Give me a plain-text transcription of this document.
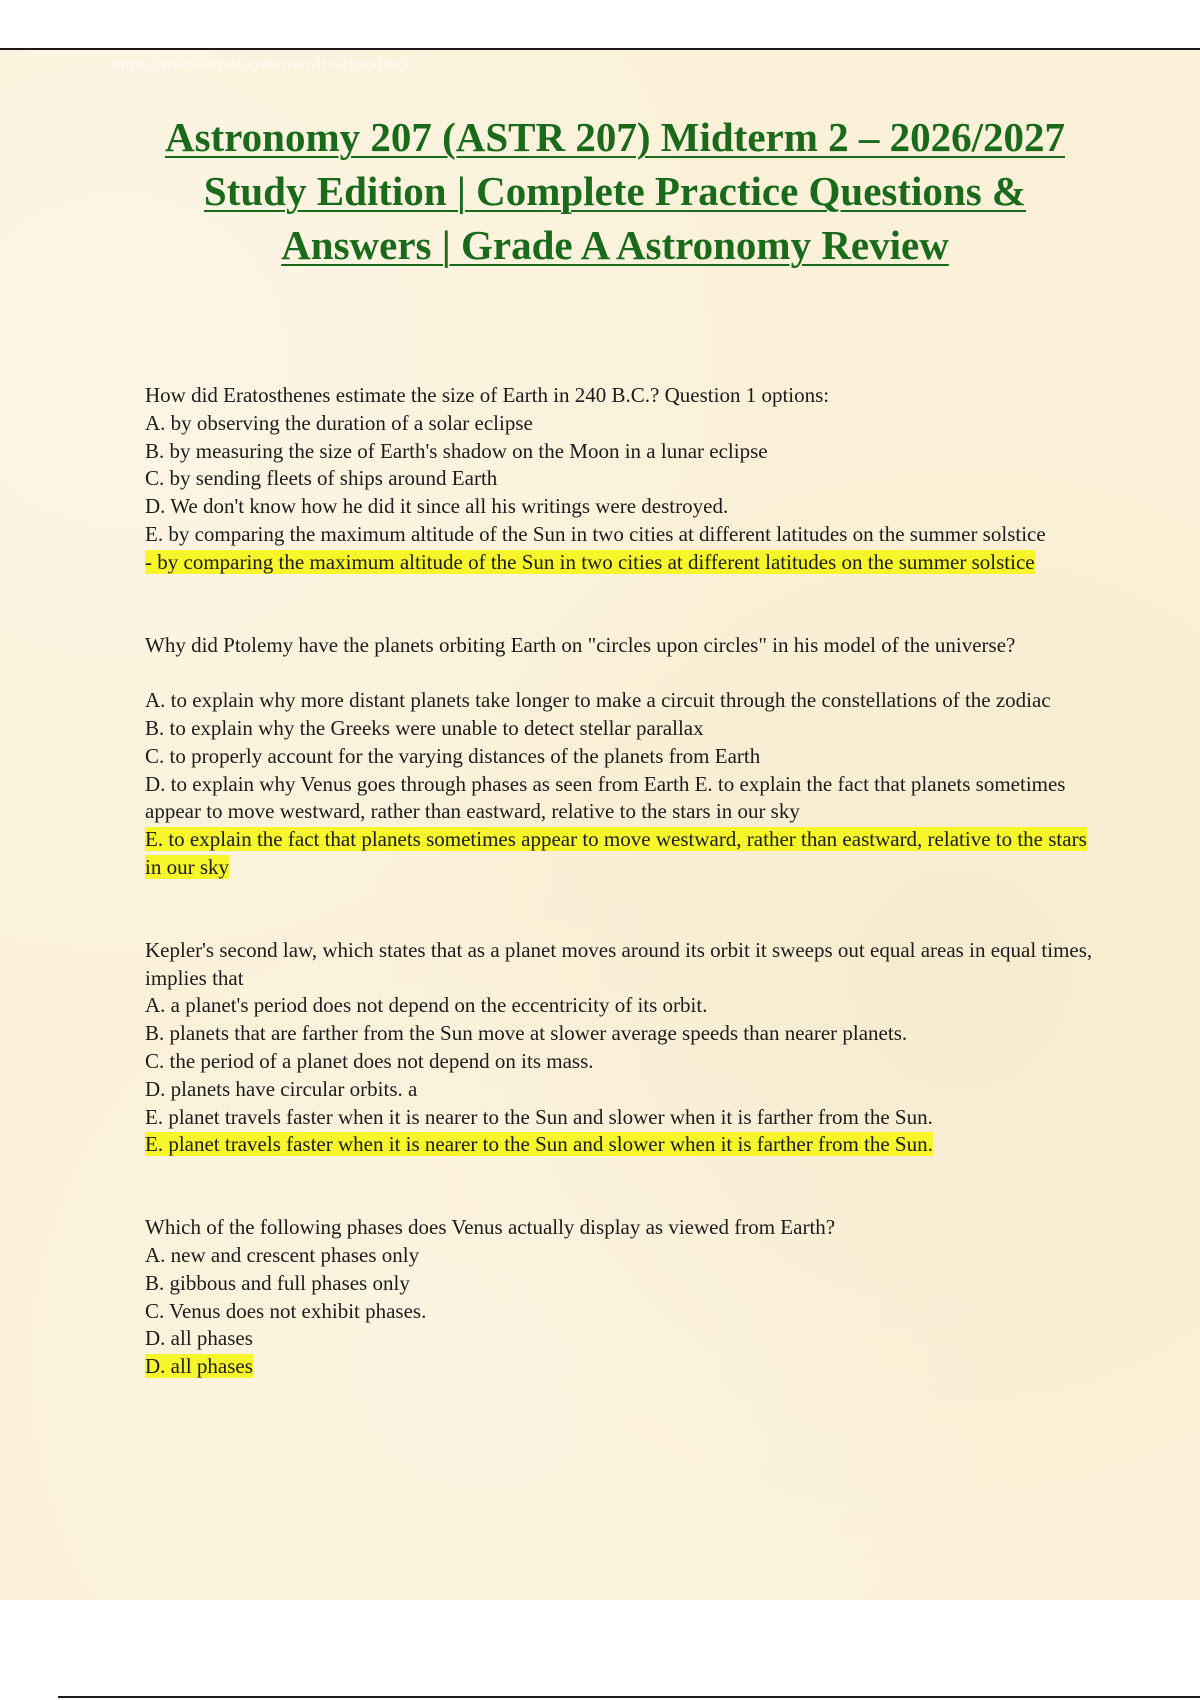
https://www.stuvia.com/user/ltvalgoodluck
Astronomy 207 (ASTR 207) Midterm 2 – 2026/2027 Study Edition | Complete Practice Questions & Answers | Grade A Astronomy Review

How did Eratosthenes estimate the size of Earth in 240 B.C.? Question 1 options:

A. by observing the duration of a solar eclipse

B. by measuring the size of Earth's shadow on the Moon in a lunar eclipse

C. by sending fleets of ships around Earth

D. We don't know how he did it since all his writings were destroyed.

E. by comparing the maximum altitude of the Sun in two cities at different latitudes on the summer solstice

- by comparing the maximum altitude of the Sun in two cities at different latitudes on the summer solstice

Why did Ptolemy have the planets orbiting Earth on "circles upon circles" in his model of the universe?

A. to explain why more distant planets take longer to make a circuit through the constellations of the zodiac

B. to explain why the Greeks were unable to detect stellar parallax

C. to properly account for the varying distances of the planets from Earth

D. to explain why Venus goes through phases as seen from Earth E. to explain the fact that planets sometimes appear to move westward, rather than eastward, relative to the stars in our sky

E. to explain the fact that planets sometimes appear to move westward, rather than eastward, relative to the stars in our sky

Kepler's second law, which states that as a planet moves around its orbit it sweeps out equal areas in equal times, implies that

A. a planet's period does not depend on the eccentricity of its orbit.

B. planets that are farther from the Sun move at slower average speeds than nearer planets.

C. the period of a planet does not depend on its mass.

D. planets have circular orbits. a

E. planet travels faster when it is nearer to the Sun and slower when it is farther from the Sun.

E. planet travels faster when it is nearer to the Sun and slower when it is farther from the Sun.

Which of the following phases does Venus actually display as viewed from Earth?

A. new and crescent phases only

B. gibbous and full phases only

C. Venus does not exhibit phases.

D. all phases

D. all phases
